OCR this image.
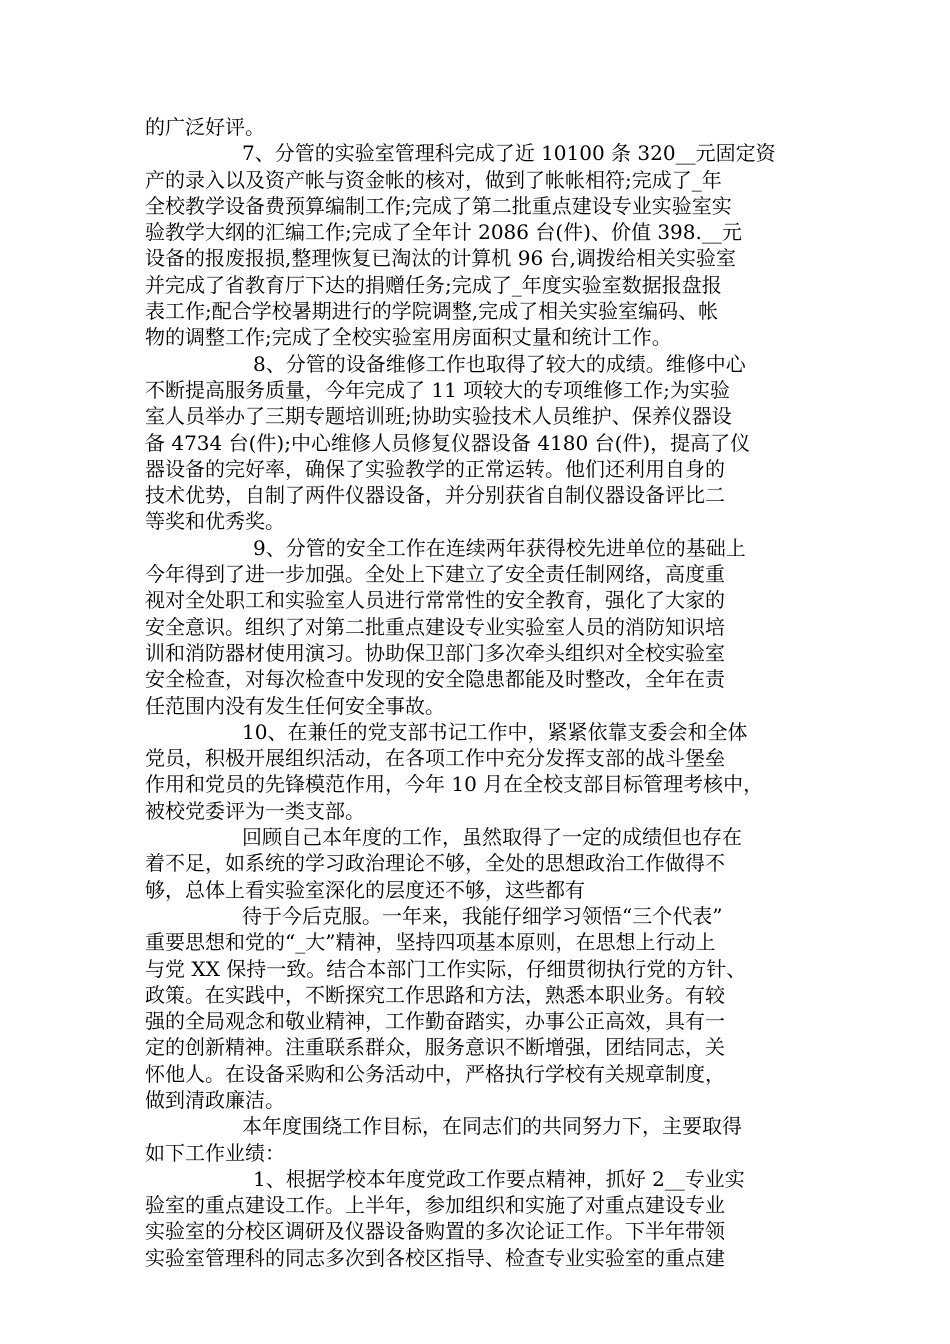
的广泛好评。
7、分管的实验室管理科完成了近 10100 条 320__元固定资
产的录入以及资产帐与资金帐的核对，做到了帐帐相符;完成了_年
全校教学设备费预算编制工作;完成了第二批重点建设专业实验室实
验教学大纲的汇编工作;完成了全年计 2086 台(件)、价值 398.__元
设备的报废报损,整理恢复已淘汰的计算机 96 台,调拨给相关实验室
并完成了省教育厅下达的捐赠任务;完成了_年度实验室数据报盘报
表工作;配合学校暑期进行的学院调整,完成了相关实验室编码、帐
物的调整工作;完成了全校实验室用房面积丈量和统计工作。
8、分管的设备维修工作也取得了较大的成绩。维修中心
不断提高服务质量，今年完成了 11 项较大的专项维修工作;为实验
室人员举办了三期专题培训班;协助实验技术人员维护、保养仪器设
备 4734 台(件);中心维修人员修复仪器设备 4180 台(件)，提高了仪
器设备的完好率，确保了实验教学的正常运转。他们还利用自身的
技术优势，自制了两件仪器设备，并分别获省自制仪器设备评比二
等奖和优秀奖。
9、分管的安全工作在连续两年获得校先进单位的基础上
今年得到了进一步加强。全处上下建立了安全责任制网络，高度重
视对全处职工和实验室人员进行常常性的安全教育，强化了大家的
安全意识。组织了对第二批重点建设专业实验室人员的消防知识培
训和消防器材使用演习。协助保卫部门多次牵头组织对全校实验室
安全检查，对每次检查中发现的安全隐患都能及时整改，全年在责
任范围内没有发生任何安全事故。
10、在兼任的党支部书记工作中，紧紧依靠支委会和全体
党员，积极开展组织活动，在各项工作中充分发挥支部的战斗堡垒
作用和党员的先锋模范作用，今年 10 月在全校支部目标管理考核中，
被校党委评为一类支部。
回顾自己本年度的工作，虽然取得了一定的成绩但也存在
着不足，如系统的学习政治理论不够，全处的思想政治工作做得不
够，总体上看实验室深化的层度还不够，这些都有
待于今后克服。一年来，我能仔细学习领悟“三个代表”
重要思想和党的“_大”精神，坚持四项基本原则，在思想上行动上
与党 XX 保持一致。结合本部门工作实际，仔细贯彻执行党的方针、
政策。在实践中，不断探究工作思路和方法，熟悉本职业务。有较
强的全局观念和敬业精神，工作勤奋踏实，办事公正高效，具有一
定的创新精神。注重联系群众，服务意识不断增强，团结同志，关
怀他人。在设备采购和公务活动中，严格执行学校有关规章制度，
做到清政廉洁。
本年度围绕工作目标，在同志们的共同努力下，主要取得
如下工作业绩：
1、根据学校本年度党政工作要点精神，抓好 2__专业实
验室的重点建设工作。上半年，参加组织和实施了对重点建设专业
实验室的分校区调研及仪器设备购置的多次论证工作。下半年带领
实验室管理科的同志多次到各校区指导、检查专业实验室的重点建
